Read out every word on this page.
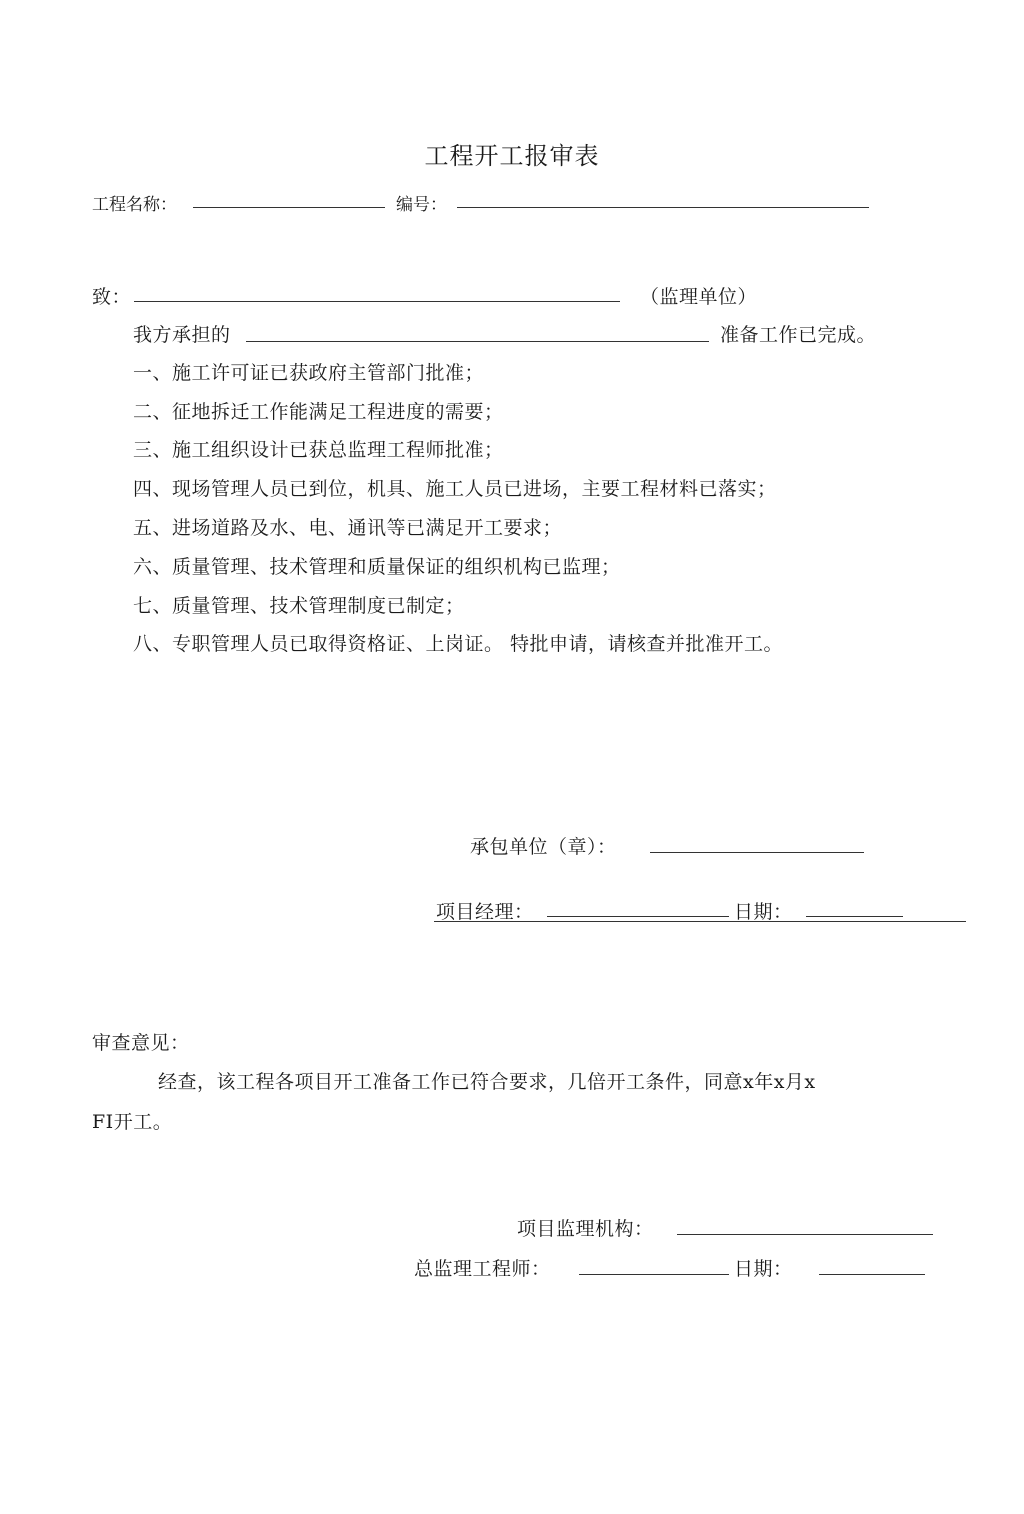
工程开工报审表
工程名称：	编号：
致：	（监理单位）
我方承担的	准备工作已完成。
一、施工许可证已获政府主管部门批准；
二、征地拆迁工作能满足工程进度的需要；
三、施工组织设计已获总监理工程师批准；
四、现场管理人员已到位，机具、施工人员已进场，主要工程材料已落实；
五、进场道路及水、电、通讯等已满足开工要求；
六、质量管理、技术管理和质量保证的组织机构已监理；
七、质量管理、技术管理制度已制定；
八、专职管理人员已取得资格证、上岗证。 特批申请，请核查并批准开工。
承包单位（章）：
项目经理：	日期：
审查意见：
经查，该工程各项目开工准备工作已符合要求，几倍开工条件，同意x年x月x
FI开工。
项目监理机构：
总监理工程师：	日期：
